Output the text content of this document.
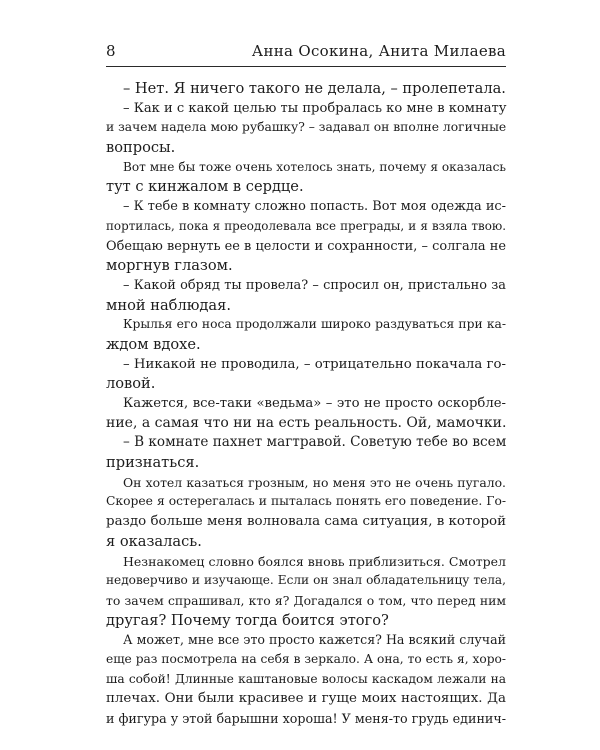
8	Анна Осокина, Анита Милаева
– Нет. Я ничего такого не делала, – пролепетала.
– Как и с какой целью ты пробралась ко мне в комнату
и зачем надела мою рубашку? – задавал он вполне логичные
вопросы.
Вот мне бы тоже очень хотелось знать, почему я оказалась
тут с кинжалом в сердце.
– К тебе в комнату сложно попасть. Вот моя одежда ис-
портилась, пока я преодолевала все преграды, и я взяла твою.
Обещаю вернуть ее в целости и сохранности, – солгала не
моргнув глазом.
– Какой обряд ты провела? – спросил он, пристально за
мной наблюдая.
Крылья его носа продолжали широко раздуваться при ка-
ждом вдохе.
– Никакой не проводила, – отрицательно покачала го-
ловой.
Кажется, все-таки «ведьма» – это не просто оскорбле-
ние, а самая что ни на есть реальность. Ой, мамочки.
– В комнате пахнет магтравой. Советую тебе во всем
признаться.
Он хотел казаться грозным, но меня это не очень пугало.
Скорее я остерегалась и пыталась понять его поведение. Го-
раздо больше меня волновала сама ситуация, в которой
я оказалась.
Незнакомец словно боялся вновь приблизиться. Смотрел
недоверчиво и изучающе. Если он знал обладательницу тела,
то зачем спрашивал, кто я? Догадался о том, что перед ним
другая? Почему тогда боится этого?
А может, мне все это просто кажется? На всякий случай
еще раз посмотрела на себя в зеркало. А она, то есть я, хоро-
ша собой! Длинные каштановые волосы каскадом лежали на
плечах. Они были красивее и гуще моих настоящих. Да
и фигура у этой барышни хороша! У меня-то грудь единич-
